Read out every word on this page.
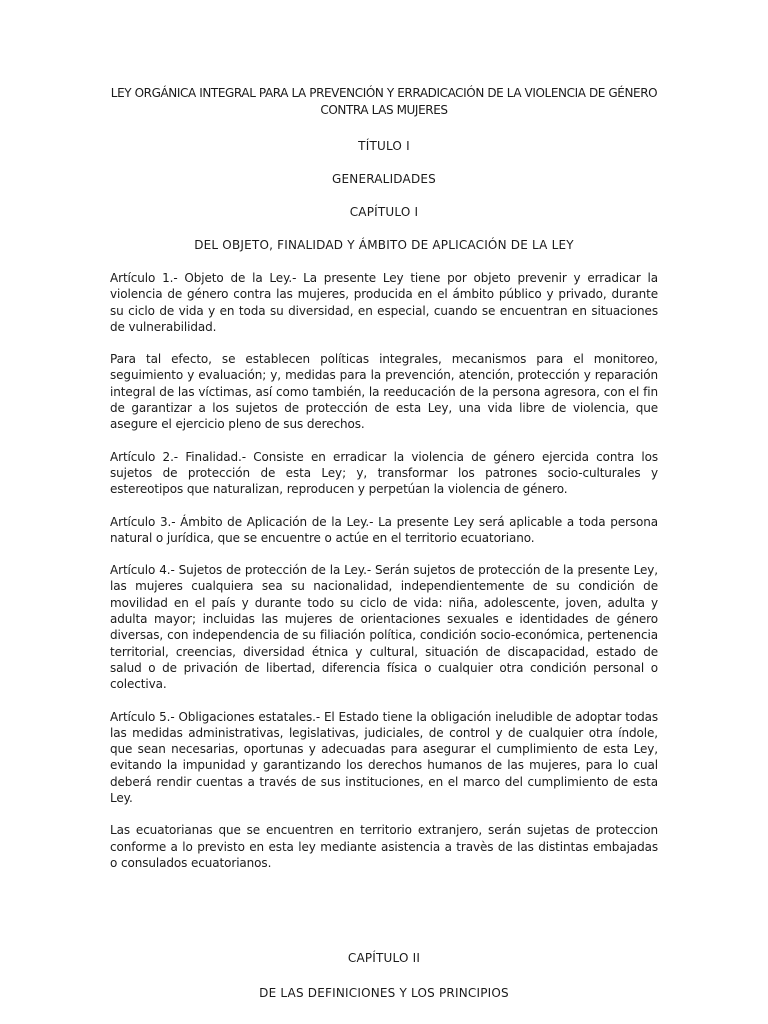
LEY ORGÁNICA INTEGRAL PARA LA PREVENCIÓN Y ERRADICACIÓN DE LA VIOLENCIA DE GÉNERO CONTRA LAS MUJERES
TÍTULO I
GENERALIDADES
CAPÍTULO I
DEL OBJETO, FINALIDAD Y ÁMBITO DE APLICACIÓN DE LA LEY

Artículo 1.- Objeto de la Ley.- La presente Ley tiene por objeto prevenir y erradicar la violencia de género contra las mujeres, producida en el ámbito público y privado, durante su ciclo de vida y en toda su diversidad, en especial, cuando se encuentran en situaciones de vulnerabilidad.

Para tal efecto, se establecen políticas integrales, mecanismos para el monitoreo, seguimiento y evaluación; y, medidas para la prevención, atención, protección y reparación integral de las víctimas, así como también, la reeducación de la persona agresora, con el fin de garantizar a los sujetos de protección de esta Ley, una vida libre de violencia, que asegure el ejercicio pleno de sus derechos.

Artículo 2.- Finalidad.- Consiste en erradicar la violencia de género ejercida contra los sujetos de protección de esta Ley; y, transformar los patrones socio-culturales y estereotipos que naturalizan, reproducen y perpetúan la violencia de género.

Artículo 3.- Ámbito de Aplicación de la Ley.- La presente Ley será aplicable a toda persona natural o jurídica, que se encuentre o actúe en el territorio ecuatoriano.

Artículo 4.- Sujetos de protección de la Ley.- Serán sujetos de protección de la presente Ley, las mujeres cualquiera sea su nacionalidad, independientemente de su condición de movilidad en el país y durante todo su ciclo de vida: niña, adolescente, joven, adulta y adulta mayor; incluidas las mujeres de orientaciones sexuales e identidades de género diversas, con independencia de su filiación política, condición socio-económica, pertenencia territorial, creencias, diversidad étnica y cultural, situación de discapacidad, estado de salud o de privación de libertad, diferencia física o cualquier otra condición personal o colectiva.

Artículo 5.- Obligaciones estatales.- El Estado tiene la obligación ineludible de adoptar todas las medidas administrativas, legislativas, judiciales, de control y de cualquier otra índole, que sean necesarias, oportunas y adecuadas para asegurar el cumplimiento de esta Ley, evitando la impunidad y garantizando los derechos humanos de las mujeres, para lo cual deberá rendir cuentas a través de sus instituciones, en el marco del cumplimiento de esta Ley.

Las ecuatorianas que se encuentren en territorio extranjero, serán sujetas de proteccion conforme a lo previsto en esta ley mediante asistencia a travès de las distintas embajadas o consulados ecuatorianos.

CAPÍTULO II
DE LAS DEFINICIONES Y LOS PRINCIPIOS
